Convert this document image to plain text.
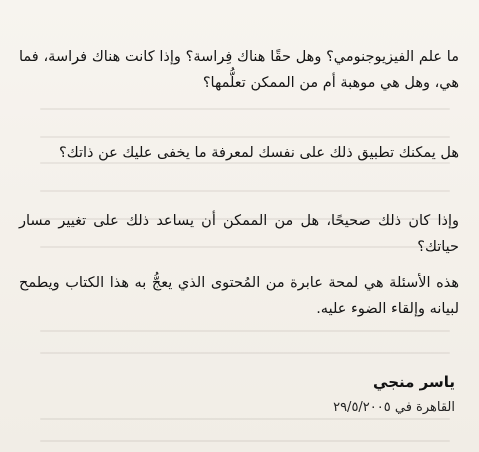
ما علم الفيزيوجنومي؟ وهل حقًا هناك فِراسة؟ وإذا كانت هناك فراسة، فما هي، وهل هي موهبة أم من الممكن تعلُّمها؟

هل يمكنك تطبيق ذلك على نفسك لمعرفة ما يخفى عليك عن ذاتك؟

وإذا كان ذلك صحيحًا، هل من الممكن أن يساعد ذلك على تغيير مسار حياتك؟

هذه الأسئلة هي لمحة عابرة من المُحتوى الذي يعجُّ به هذا الكتاب ويطمح لبيانه وإلقاء الضوء عليه.

ياسر منجي
القاهرة في ٢٩/٥/٢٠٠٥
